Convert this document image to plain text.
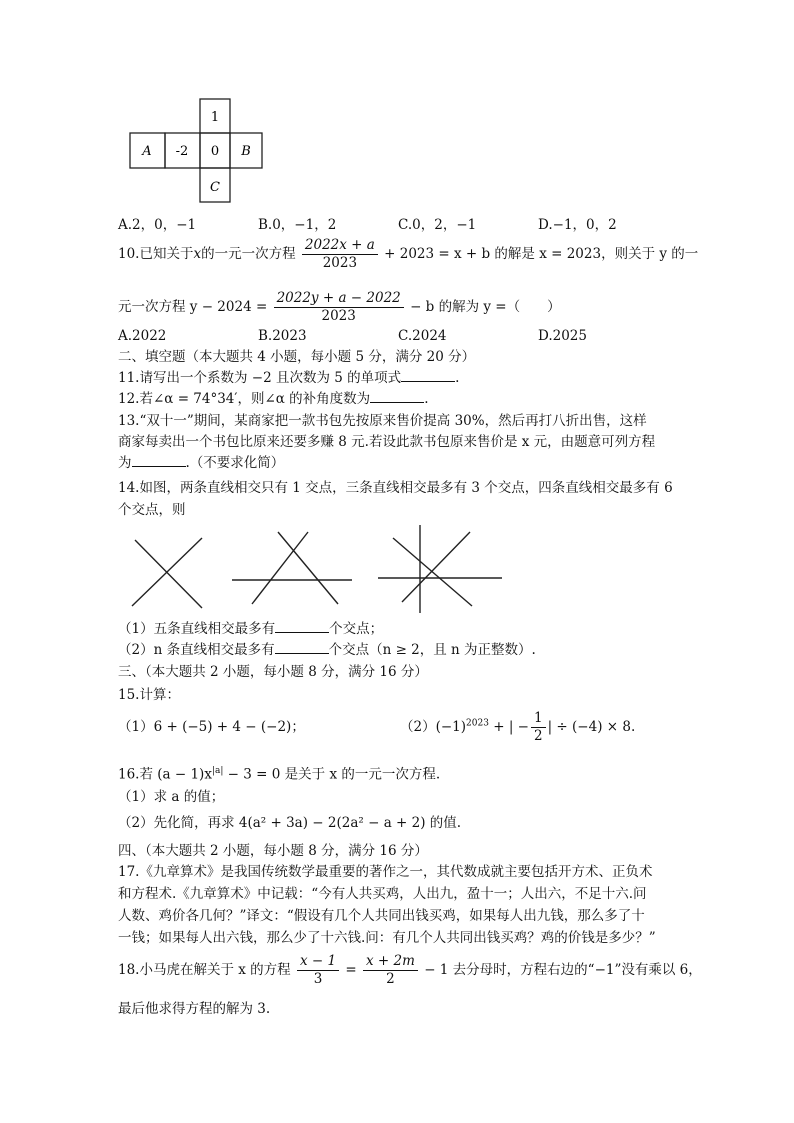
1
A -2 0 B
C
A.2，0，−1	B.0，−1，2	C.0，2，−1	D.−1，0，2
10.已知关于x的一元一次方程 $\frac{2022x + a}{2023} + 2023 = x + b$ 的解是 x = 2023，则关于 y 的一
元一次方程 $y - 2024 = \frac{2022y + a - 2022}{2023} - b$ 的解为 y =（　　）
A.2022	B.2023	C.2024	D.2025
二、填空题（本大题共 4 小题，每小题 5 分，满分 20 分）
11.请写出一个系数为 −2 且次数为 5 的单项式	.
12.若∠α = 74°34′，则∠α 的补角度数为	.
13.“双十一”期间，某商家把一款书包先按原来售价提高 30%，然后再打八折出售，这样
商家每卖出一个书包比原来还要多赚 8 元.若设此款书包原来售价是 x 元，由题意可列方程
为	.（不要求化简）
14.如图，两条直线相交只有 1 交点，三条直线相交最多有 3 个交点，四条直线相交最多有 6
个交点，则
（1）五条直线相交最多有	个交点；
（2）n 条直线相交最多有	个交点（n ≥ 2，且 n 为正整数）.
三、（本大题共 2 小题，每小题 8 分，满分 16 分）
15.计算：
（1）6 + (−5) + 4 − (−2)；	$(2)(-1)^{2023}$ + | − $\frac{1}{2}$ | ÷ (−4) × 8.
16.若 $(a - 1)x^{|a|} - 3 = 0$ 是关于 x 的一元一次方程.
（1）求 a 的值；
（2）先化简，再求 4(a² + 3a) − 2(2a² − a + 2) 的值.
四、（本大题共 2 小题，每小题 8 分，满分 16 分）
17.《九章算术》是我国传统数学最重要的著作之一，其代数成就主要包括开方术、正负术
和方程术.《九章算术》中记载：“今有人共买鸡，人出九，盈十一；人出六，不足十六.问
人数、鸡价各几何？”译文：“假设有几个人共同出钱买鸡，如果每人出九钱，那么多了十
一钱；如果每人出六钱，那么少了十六钱.问：有几个人共同出钱买鸡？鸡的价钱是多少？”
18.小马虎在解关于 x 的方程 $\frac{x - 1}{3} = \frac{x + 2m}{2} - 1$ 去分母时，方程右边的“−1”没有乘以 6，
最后他求得方程的解为 3.
